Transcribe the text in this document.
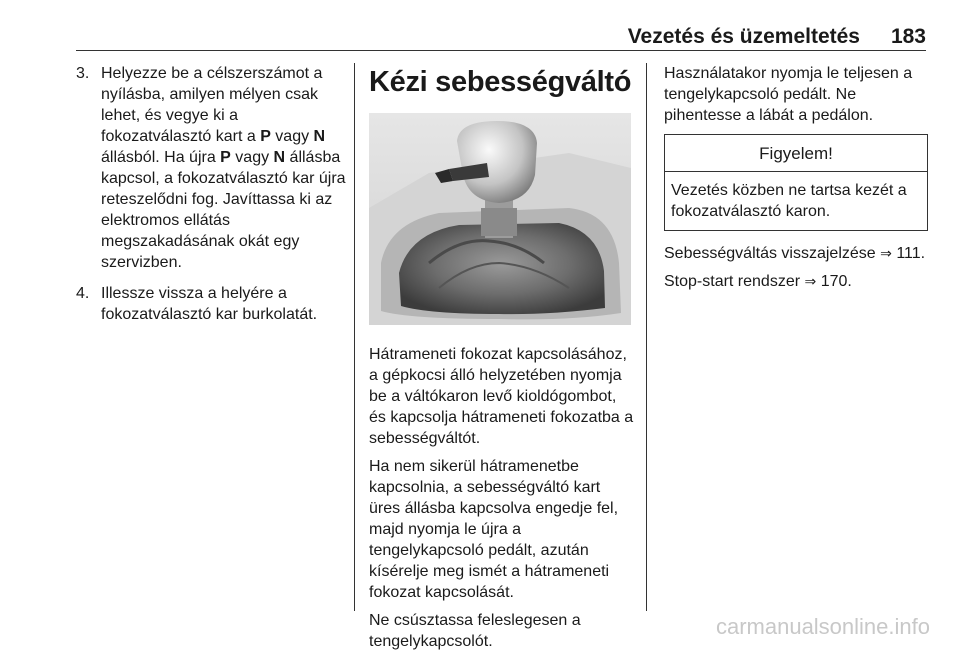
Vezetés és üzemeltetés	183
3. Helyezze be a célszerszámot a nyílásba, amilyen mélyen csak lehet, és vegye ki a fokozatválasztó kart a P vagy N állásból. Ha újra P vagy N állásba kapcsol, a fokozatválasztó kar újra reteszelődni fog. Javíttassa ki az elektromos ellátás megszakadásának okát egy szervizben.
4. Illessze vissza a helyére a fokozatválasztó kar burkolatát.
Kézi sebességváltó
Hátrameneti fokozat kapcsolásához, a gépkocsi álló helyzetében nyomja be a váltókaron levő kioldógombot, és kapcsolja hátrameneti fokozatba a sebességváltót.
Ha nem sikerül hátramenetbe kapcsolnia, a sebességváltó kart üres állásba kapcsolva engedje fel, majd nyomja le újra a tengelykapcsoló pedált, azután kísérelje meg ismét a hátrameneti fokozat kapcsolását.
Ne csúsztassa feleslegesen a tengelykapcsolót.
Használatakor nyomja le teljesen a tengelykapcsoló pedált. Ne pihentesse a lábát a pedálon.
Figyelem!
Vezetés közben ne tartsa kezét a fokozatválasztó karon.
Sebességváltás visszajelzése ⇒ 111.
Stop-start rendszer ⇒ 170.
carmanualsonline.info
